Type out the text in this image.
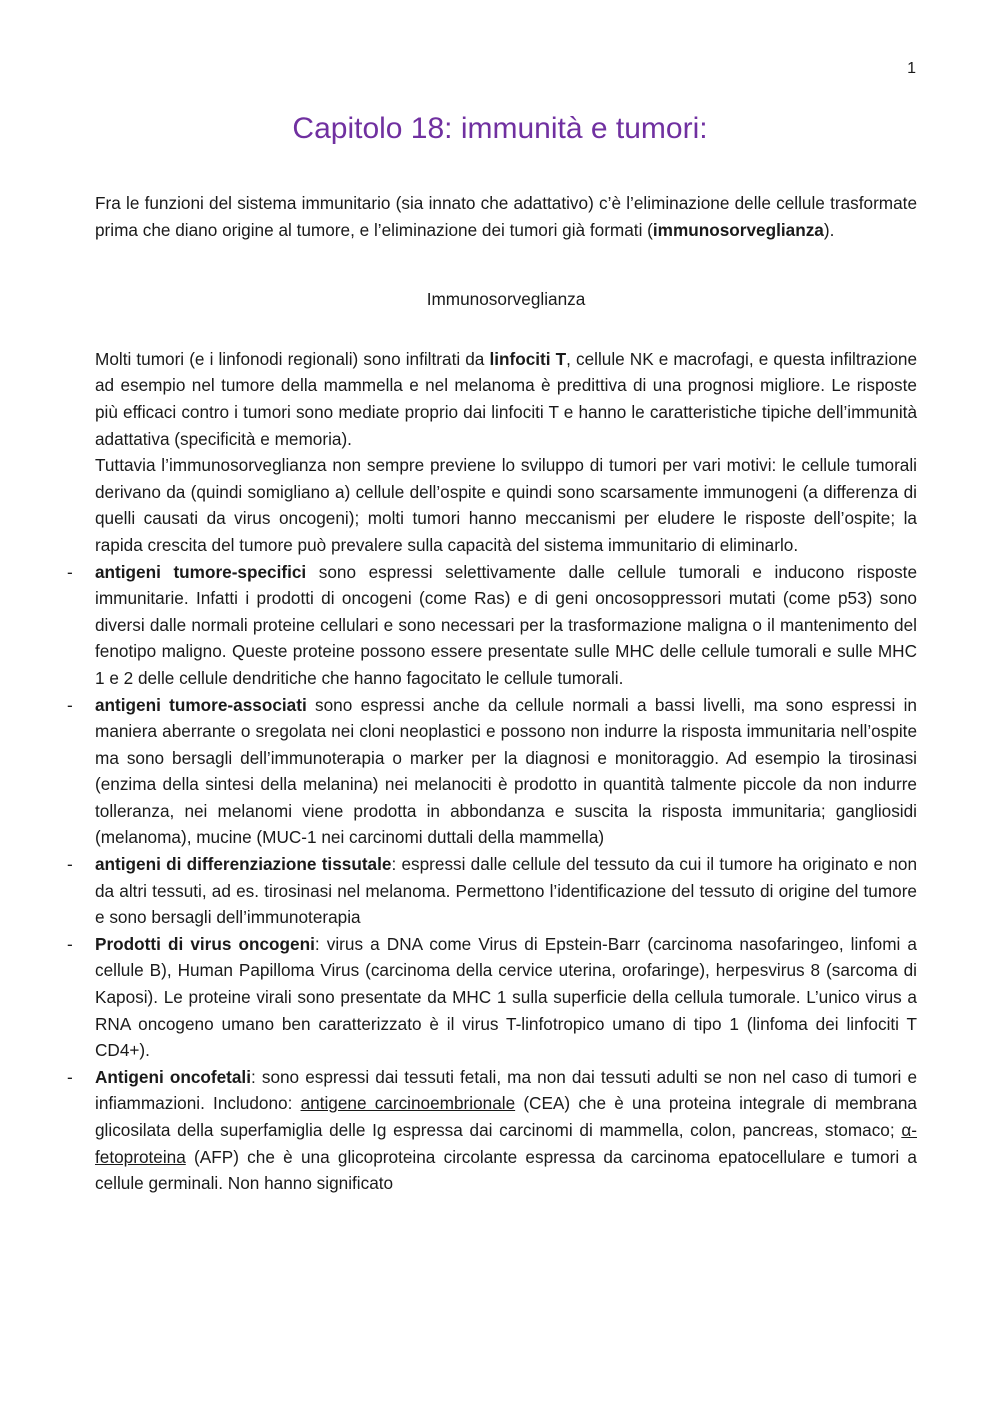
1
Capitolo 18: immunità e tumori:

Fra le funzioni del sistema immunitario (sia innato che adattativo) c’è l’eliminazione delle cellule trasformate prima che diano origine al tumore, e l’eliminazione dei tumori già formati (immunosorveglianza).

Immunosorveglianza

Molti tumori (e i linfonodi regionali) sono infiltrati da linfociti T, cellule NK e macrofagi, e questa infiltrazione ad esempio nel tumore della mammella e nel melanoma è predittiva di una prognosi migliore. Le risposte più efficaci contro i tumori sono mediate proprio dai linfociti T e hanno le caratteristiche tipiche dell’immunità adattativa (specificità e memoria).

Tuttavia l’immunosorveglianza non sempre previene lo sviluppo di tumori per vari motivi: le cellule tumorali derivano da (quindi somigliano a) cellule dell’ospite e quindi sono scarsamente immunogeni (a differenza di quelli causati da virus oncogeni); molti tumori hanno meccanismi per eludere le risposte dell’ospite; la rapida crescita del tumore può prevalere sulla capacità del sistema immunitario di eliminarlo.

- antigeni tumore-specifici sono espressi selettivamente dalle cellule tumorali e inducono risposte immunitarie. Infatti i prodotti di oncogeni (come Ras) e di geni oncosoppressori mutati (come p53) sono diversi dalle normali proteine cellulari e sono necessari per la trasformazione maligna o il mantenimento del fenotipo maligno. Queste proteine possono essere presentate sulle MHC delle cellule tumorali e sulle MHC 1 e 2 delle cellule dendritiche che hanno fagocitato le cellule tumorali.
- antigeni tumore-associati sono espressi anche da cellule normali a bassi livelli, ma sono espressi in maniera aberrante o sregolata nei cloni neoplastici e possono non indurre la risposta immunitaria nell’ospite ma sono bersagli dell’immunoterapia o marker per la diagnosi e monitoraggio. Ad esempio la tirosinasi (enzima della sintesi della melanina) nei melanociti è prodotto in quantità talmente piccole da non indurre tolleranza, nei melanomi viene prodotta in abbondanza e suscita la risposta immunitaria; gangliosidi (melanoma), mucine (MUC-1 nei carcinomi duttali della mammella)
- antigeni di differenziazione tissutale: espressi dalle cellule del tessuto da cui il tumore ha originato e non da altri tessuti, ad es. tirosinasi nel melanoma. Permettono l’identificazione del tessuto di origine del tumore e sono bersagli dell’immunoterapia
- Prodotti di virus oncogeni: virus a DNA come Virus di Epstein-Barr (carcinoma nasofaringeo, linfomi a cellule B), Human Papilloma Virus (carcinoma della cervice uterina, orofaringe), herpesvirus 8 (sarcoma di Kaposi). Le proteine virali sono presentate da MHC 1 sulla superficie della cellula tumorale. L’unico virus a RNA oncogeno umano ben caratterizzato è il virus T-linfotropico umano di tipo 1 (linfoma dei linfociti T CD4+).
- Antigeni oncofetali: sono espressi dai tessuti fetali, ma non dai tessuti adulti se non nel caso di tumori e infiammazioni. Includono: antigene carcinoembrionale (CEA) che è una proteina integrale di membrana glicosilata della superfamiglia delle Ig espressa dai carcinomi di mammella, colon, pancreas, stomaco; α-fetoproteina (AFP) che è una glicoproteina circolante espressa da carcinoma epatocellulare e tumori a cellule germinali. Non hanno significato
